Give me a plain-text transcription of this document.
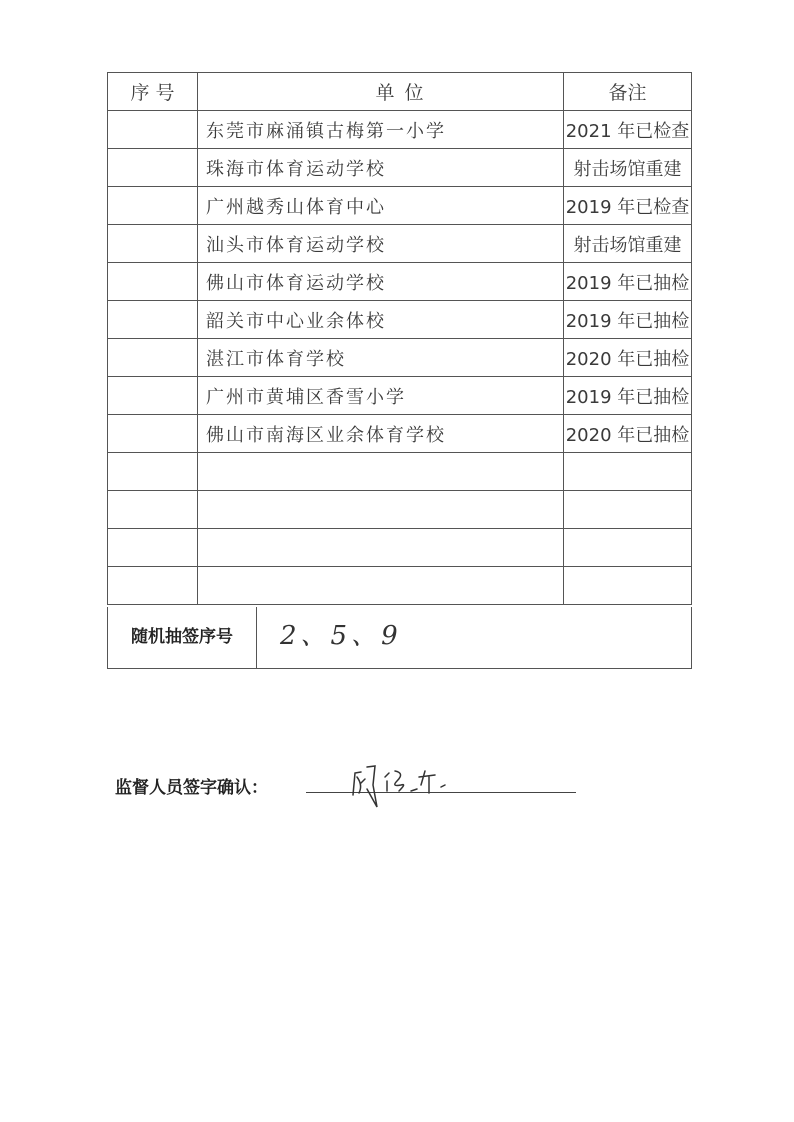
序 号	单 位	备注
	东莞市麻涌镇古梅第一小学	2021 年已检查
	珠海市体育运动学校	射击场馆重建
	广州越秀山体育中心	2019 年已检查
	汕头市体育运动学校	射击场馆重建
	佛山市体育运动学校	2019 年已抽检
	韶关市中心业余体校	2019 年已抽检
	湛江市体育学校	2020 年已抽检
	广州市黄埔区香雪小学	2019 年已抽检
	佛山市南海区业余体育学校	2020 年已抽检

随机抽签序号	2、5、9
监督人员签字确认：
